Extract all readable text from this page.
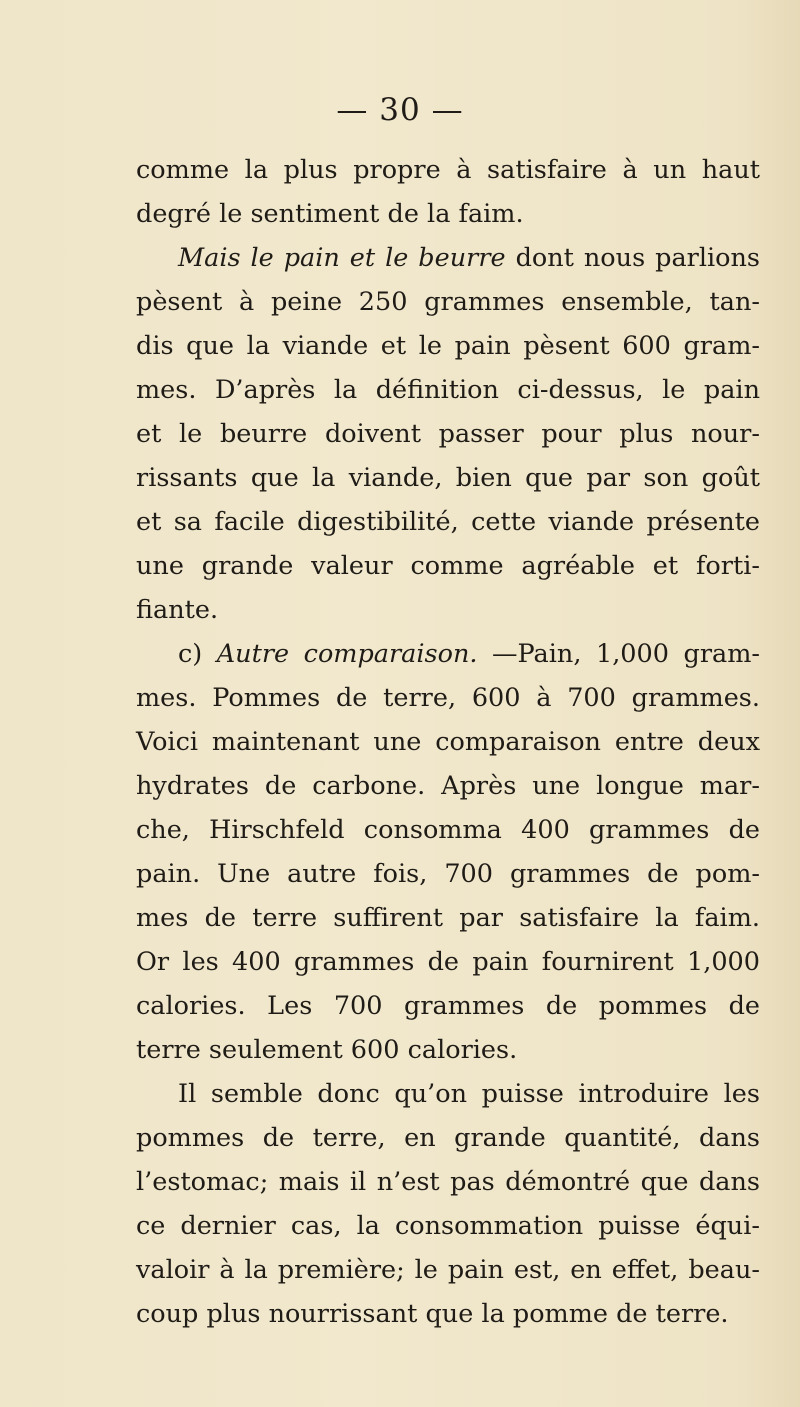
— 30 —
comme la plus propre à satisfaire à un haut
degré le sentiment de la faim.
Mais le pain et le beurre dont nous parlions
pèsent à peine 250 grammes ensemble, tan-
dis que la viande et le pain pèsent 600 gram-
mes. D’après la définition ci-dessus, le pain
et le beurre doivent passer pour plus nour-
rissants que la viande, bien que par son goût
et sa facile digestibilité, cette viande présente
une grande valeur comme agréable et forti-
fiante.
c) Autre comparaison. —Pain, 1,000 gram-
mes. Pommes de terre, 600 à 700 grammes.
Voici maintenant une comparaison entre deux
hydrates de carbone. Après une longue mar-
che, Hirschfeld consomma 400 grammes de
pain. Une autre fois, 700 grammes de pom-
mes de terre suffirent par satisfaire la faim.
Or les 400 grammes de pain fournirent 1,000
calories. Les 700 grammes de pommes de
terre seulement 600 calories.
Il semble donc qu’on puisse introduire les
pommes de terre, en grande quantité, dans
l’estomac; mais il n’est pas démontré que dans
ce dernier cas, la consommation puisse équi-
valoir à la première; le pain est, en effet, beau-
coup plus nourrissant que la pomme de terre.
